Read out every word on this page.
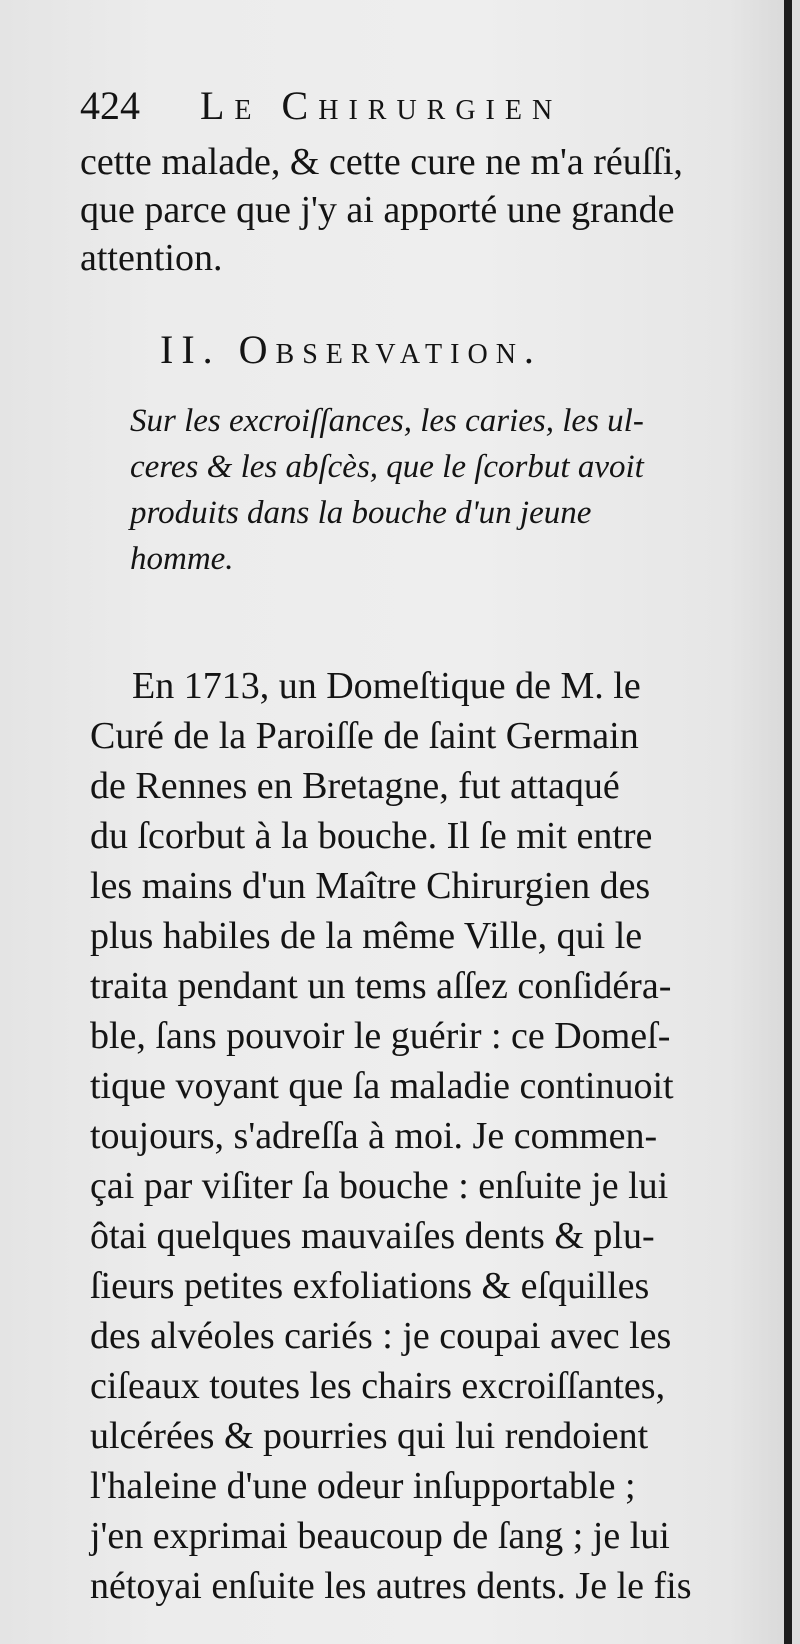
424 Le Chirurgien
cette malade, & cette cure ne m'a réuſſi,
que parce que j'y ai apporté une grande
attention.
II. Observation.
Sur les excroiſſances, les caries, les ul-
ceres & les abſcès, que le ſcorbut avoit
produits dans la bouche d'un jeune
homme.
En 1713, un Domeſtique de M. le
Curé de la Paroiſſe de ſaint Germain
de Rennes en Bretagne, fut attaqué
du ſcorbut à la bouche. Il ſe mit entre
les mains d'un Maître Chirurgien des
plus habiles de la même Ville, qui le
traita pendant un tems aſſez conſidéra-
ble, ſans pouvoir le guérir : ce Domeſ-
tique voyant que ſa maladie continuoit
toujours, s'adreſſa à moi. Je commen-
çai par viſiter ſa bouche : enſuite je lui
ôtai quelques mauvaiſes dents & plu-
ſieurs petites exfoliations & eſquilles
des alvéoles cariés : je coupai avec les
ciſeaux toutes les chairs excroiſſantes,
ulcérées & pourries qui lui rendoient
l'haleine d'une odeur inſupportable ;
j'en exprimai beaucoup de ſang ; je lui
nétoyai enſuite les autres dents. Je le fis
